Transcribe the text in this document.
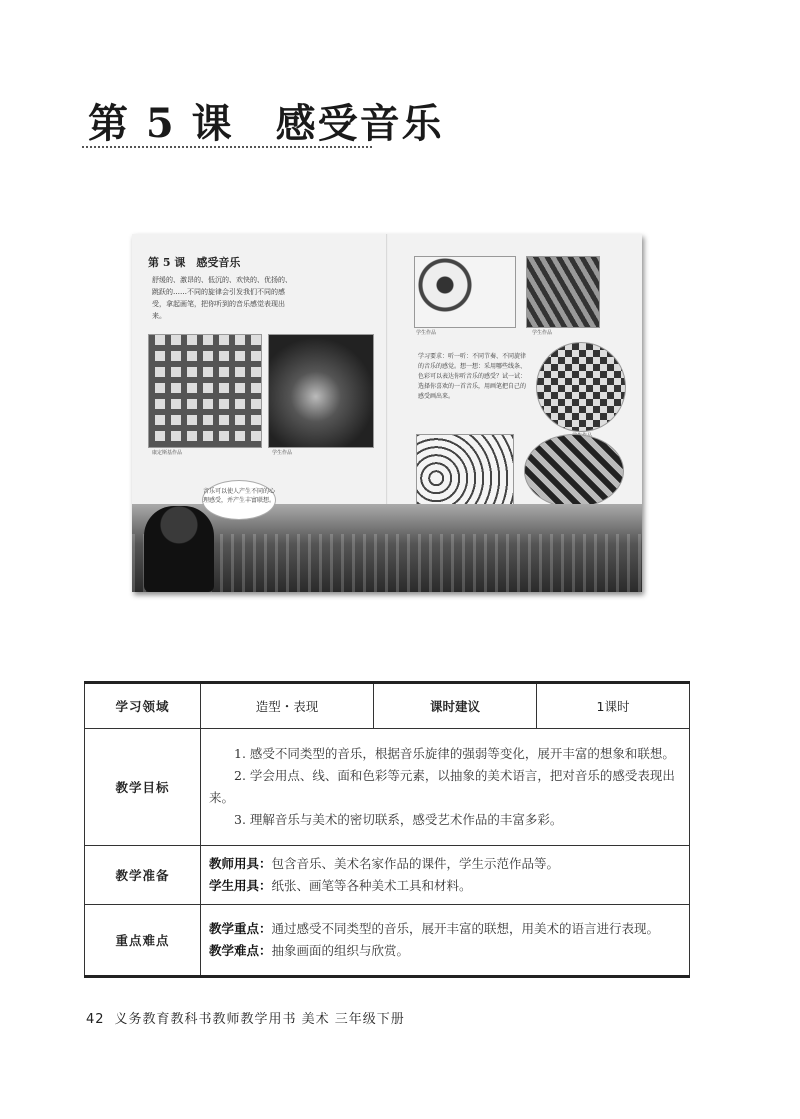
第 5 课　感受音乐
第 5 课　感受音乐
舒缓的、激昂的、低沉的、欢快的、优扬的、跳跃的……不同的旋律会引发我们不同的感受，拿起画笔，把你听到的音乐感觉表现出来。
学生作品	学生作品
学习要求：听一听：不同节奏、不同旋律的音乐的感觉。想一想：采用哪些线条、色彩可以表达你听音乐的感受？试一试：选择你喜欢的一首音乐，用画笔把自己的感受画出来。
康定斯基作品	学生作品
音乐可以使人产生不同的心理感受，并产生丰富联想。
学习领域	造型・表现	课时建议	1课时
教学目标	1. 感受不同类型的音乐，根据音乐旋律的强弱等变化，展开丰富的想象和联想。

2. 学会用点、线、面和色彩等元素，以抽象的美术语言，把对音乐的感受表现出来。

3. 理解音乐与美术的密切联系，感受艺术作品的丰富多彩。		

教学准备	教师用具：包含音乐、美术名家作品的课件，学生示范作品等。

学生用具：纸张、画笔等各种美术工具和材料。		

重点难点	教学重点：通过感受不同类型的音乐，展开丰富的联想，用美术的语言进行表现。

教学难点：抽象画面的组织与欣赏。		

42 义务教育教科书教师教学用书 美术 三年级下册
